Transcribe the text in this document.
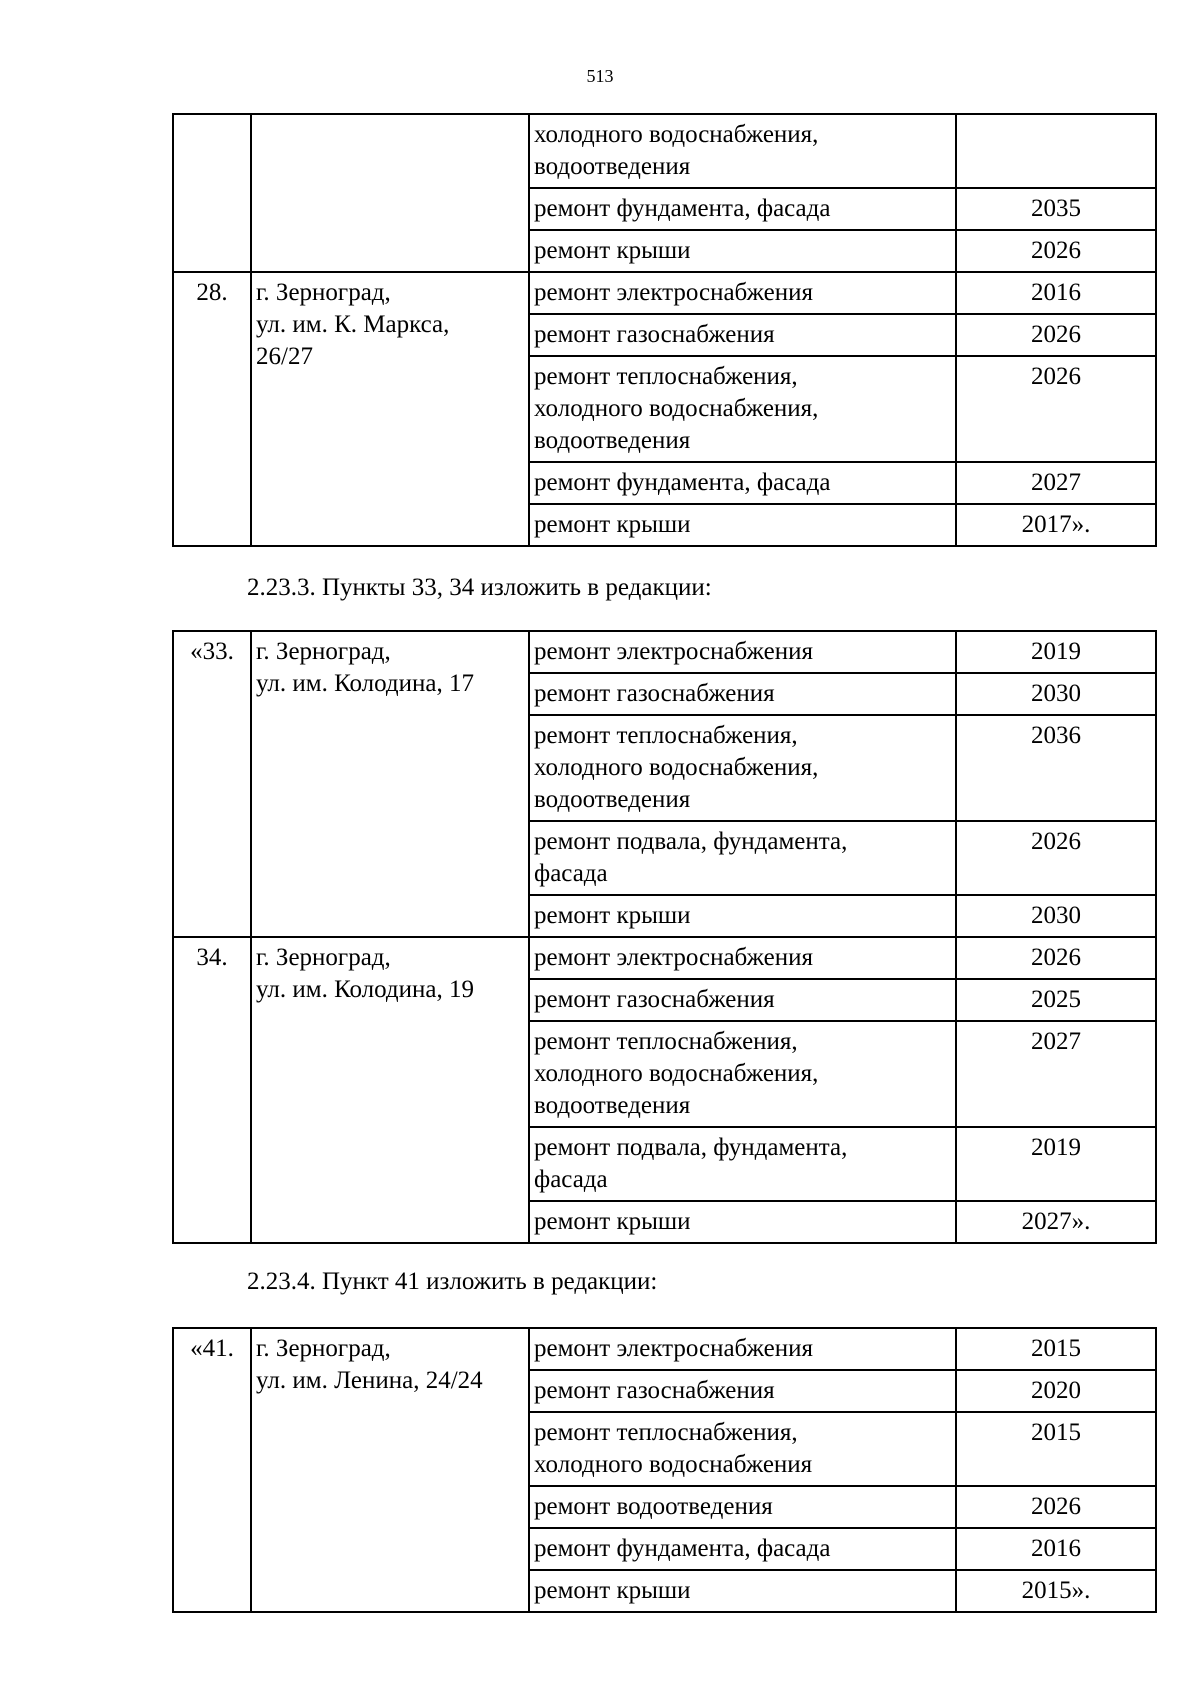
513
		холодного водоснабжения,
водоотведения	
		ремонт фундамента, фасада	2035
		ремонт крыши	2026
28.	г. Зерноград,
ул. им. К. Маркса,
26/27	ремонт электроснабжения	2016
		ремонт газоснабжения	2026
		ремонт теплоснабжения,
холодного водоснабжения,
водоотведения	2026
		ремонт фундамента, фасада	2027
		ремонт крыши	2017».
2.23.3. Пункты 33, 34 изложить в редакции:
«33.	г. Зерноград,
ул. им. Колодина, 17	ремонт электроснабжения	2019
		ремонт газоснабжения	2030
		ремонт теплоснабжения,
холодного водоснабжения,
водоотведения	2036
		ремонт подвала, фундамента,
фасада	2026
		ремонт крыши	2030
34.	г. Зерноград,
ул. им. Колодина, 19	ремонт электроснабжения	2026
		ремонт газоснабжения	2025
		ремонт теплоснабжения,
холодного водоснабжения,
водоотведения	2027
		ремонт подвала, фундамента,
фасада	2019
		ремонт крыши	2027».
2.23.4. Пункт 41 изложить в редакции:
«41.	г. Зерноград,
ул. им. Ленина, 24/24	ремонт электроснабжения	2015
		ремонт газоснабжения	2020
		ремонт теплоснабжения,
холодного водоснабжения	2015
		ремонт водоотведения	2026
		ремонт фундамента, фасада	2016
		ремонт крыши	2015».
